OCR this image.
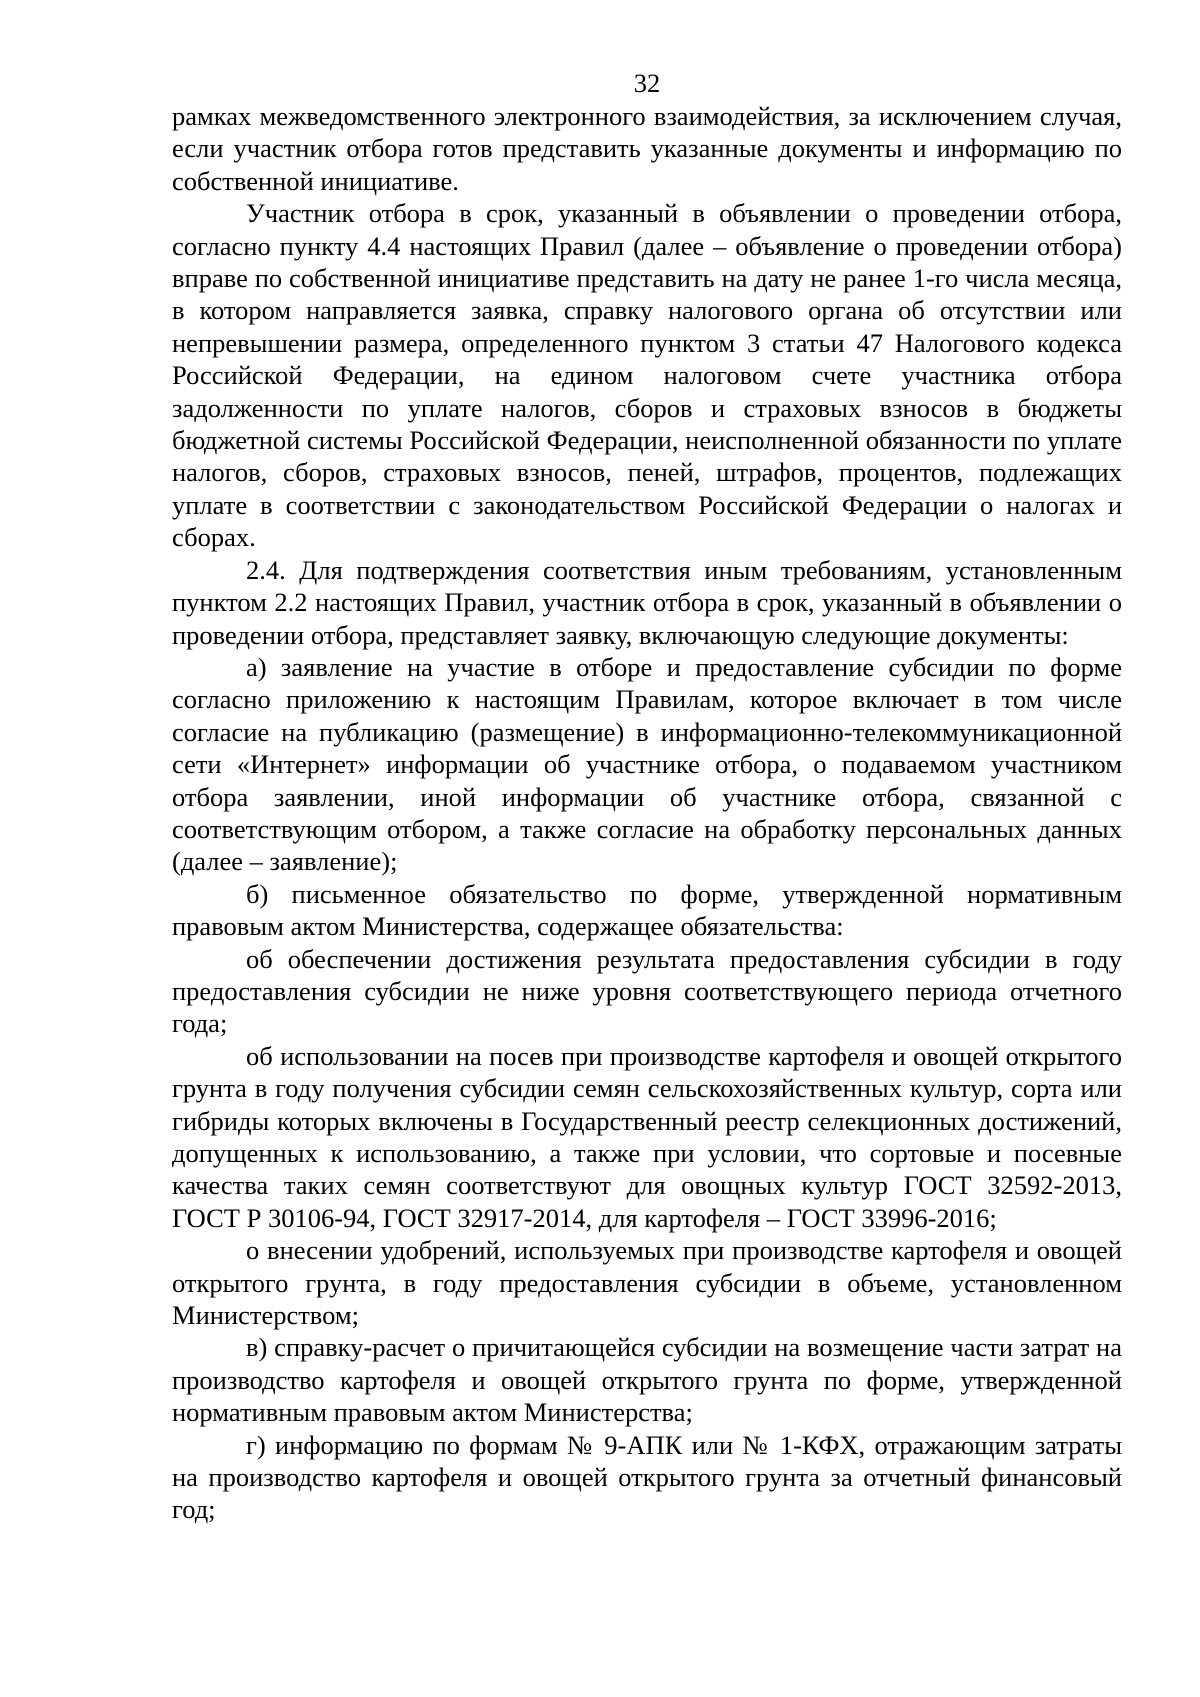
32

рамках межведомственного электронного взаимодействия, за исключением случая, если участник отбора готов представить указанные документы и информацию по собственной инициативе.

Участник отбора в срок, указанный в объявлении о проведении отбора, согласно пункту 4.4 настоящих Правил (далее – объявление о проведении отбора) вправе по собственной инициативе представить на дату не ранее 1-го числа месяца, в котором направляется заявка, справку налогового органа об отсутствии или непревышении размера, определенного пунктом 3 статьи 47 Налогового кодекса Российской Федерации, на едином налоговом счете участника отбора задолженности по уплате налогов, сборов и страховых взносов в бюджеты бюджетной системы Российской Федерации, неисполненной обязанности по уплате налогов, сборов, страховых взносов, пеней, штрафов, процентов, подлежащих уплате в соответствии с законодательством Российской Федерации о налогах и сборах.

2.4. Для подтверждения соответствия иным требованиям, установленным пунктом 2.2 настоящих Правил, участник отбора в срок, указанный в объявлении о проведении отбора, представляет заявку, включающую следующие документы:

а) заявление на участие в отборе и предоставление субсидии по форме согласно приложению к настоящим Правилам, которое включает в том числе согласие на публикацию (размещение) в информационно-телекоммуникационной сети «Интернет» информации об участнике отбора, о подаваемом участником отбора заявлении, иной информации об участнике отбора, связанной с соответствующим отбором, а также согласие на обработку персональных данных (далее – заявление);

б) письменное обязательство по форме, утвержденной нормативным правовым актом Министерства, содержащее обязательства:

об обеспечении достижения результата предоставления субсидии в году предоставления субсидии не ниже уровня соответствующего периода отчетного года;

об использовании на посев при производстве картофеля и овощей открытого грунта в году получения субсидии семян сельскохозяйственных культур, сорта или гибриды которых включены в Государственный реестр селекционных достижений, допущенных к использованию, а также при условии, что сортовые и посевные качества таких семян соответствуют для овощных культур ГОСТ 32592-2013, ГОСТ Р 30106-94, ГОСТ 32917-2014, для картофеля – ГОСТ 33996-2016;

о внесении удобрений, используемых при производстве картофеля и овощей открытого грунта, в году предоставления субсидии в объеме, установленном Министерством;

в) справку-расчет о причитающейся субсидии на возмещение части затрат на производство картофеля и овощей открытого грунта по форме, утвержденной нормативным правовым актом Министерства;

г) информацию по формам № 9-АПК или № 1-КФХ, отражающим затраты на производство картофеля и овощей открытого грунта за отчетный финансовый год;
